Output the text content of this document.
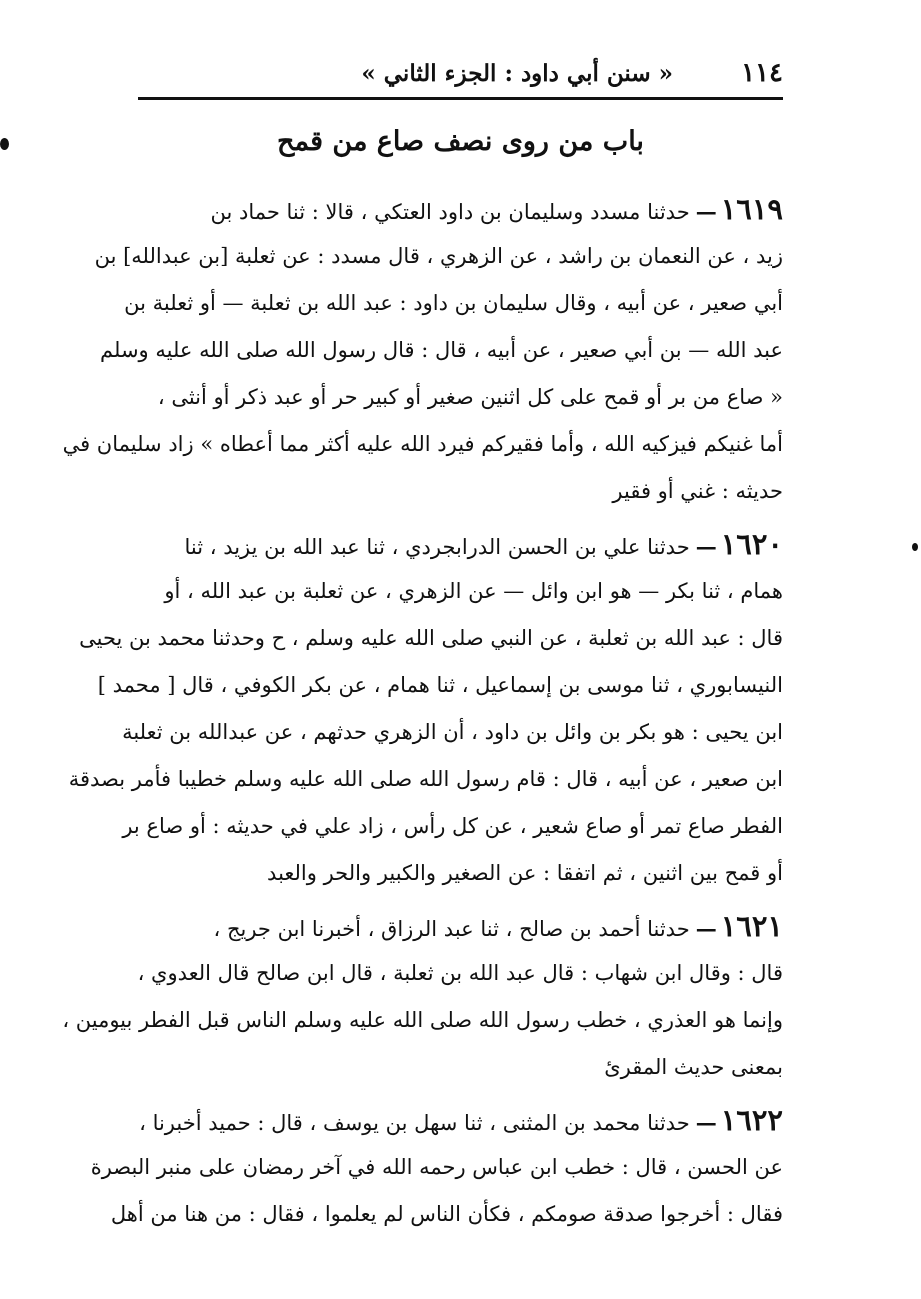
١١٤
« سنن أبي داود : الجزء الثاني »
باب من روى نصف صاع من قمح
١٦١٩—حدثنا مسدد وسليمان بن داود العتكي ، قالا : ثنا حماد بن
زيد ، عن النعمان بن راشد ، عن الزهري ، قال مسدد : عن ثعلبة [بن عبدالله] بن
أبي صعير ، عن أبيه ، وقال سليمان بن داود : عبد الله بن ثعلبة — أو ثعلبة بن
عبد الله — بن أبي صعير ، عن أبيه ، قال : قال رسول الله صلى الله عليه وسلم
« صاع من بر أو قمح على كل اثنين صغير أو كبير حر أو عبد ذكر أو أنثى ،
أما غنيكم فيزكيه الله ، وأما فقيركم فيرد الله عليه أكثر مما أعطاه » زاد سليمان في
حديثه : غني أو فقير
١٦٢٠—حدثنا علي بن الحسن الدرابجردي ، ثنا عبد الله بن يزيد ، ثنا
همام ، ثنا بكر — هو ابن وائل — عن الزهري ، عن ثعلبة بن عبد الله ، أو
قال : عبد الله بن ثعلبة ، عن النبي صلى الله عليه وسلم ، ح وحدثنا محمد بن يحيى
النيسابوري ، ثنا موسى بن إسماعيل ، ثنا همام ، عن بكر الكوفي ، قال [ محمد ]
ابن يحيى : هو بكر بن وائل بن داود ، أن الزهري حدثهم ، عن عبدالله بن ثعلبة
ابن صعير ، عن أبيه ، قال : قام رسول الله صلى الله عليه وسلم خطيبا فأمر بصدقة
الفطر صاع تمر أو صاع شعير ، عن كل رأس ، زاد علي في حديثه : أو صاع بر
أو قمح بين اثنين ، ثم اتفقا : عن الصغير والكبير والحر والعبد
١٦٢١—حدثنا أحمد بن صالح ، ثنا عبد الرزاق ، أخبرنا ابن جريج ،
قال : وقال ابن شهاب : قال عبد الله بن ثعلبة ، قال ابن صالح قال العدوي ،
وإنما هو العذري ، خطب رسول الله صلى الله عليه وسلم الناس قبل الفطر بيومين ،
بمعنى حديث المقرئ
١٦٢٢—حدثنا محمد بن المثنى ، ثنا سهل بن يوسف ، قال : حميد أخبرنا ،
عن الحسن ، قال : خطب ابن عباس رحمه الله في آخر رمضان على منبر البصرة
فقال : أخرجوا صدقة صومكم ، فكأن الناس لم يعلموا ، فقال : من هنا من أهل
